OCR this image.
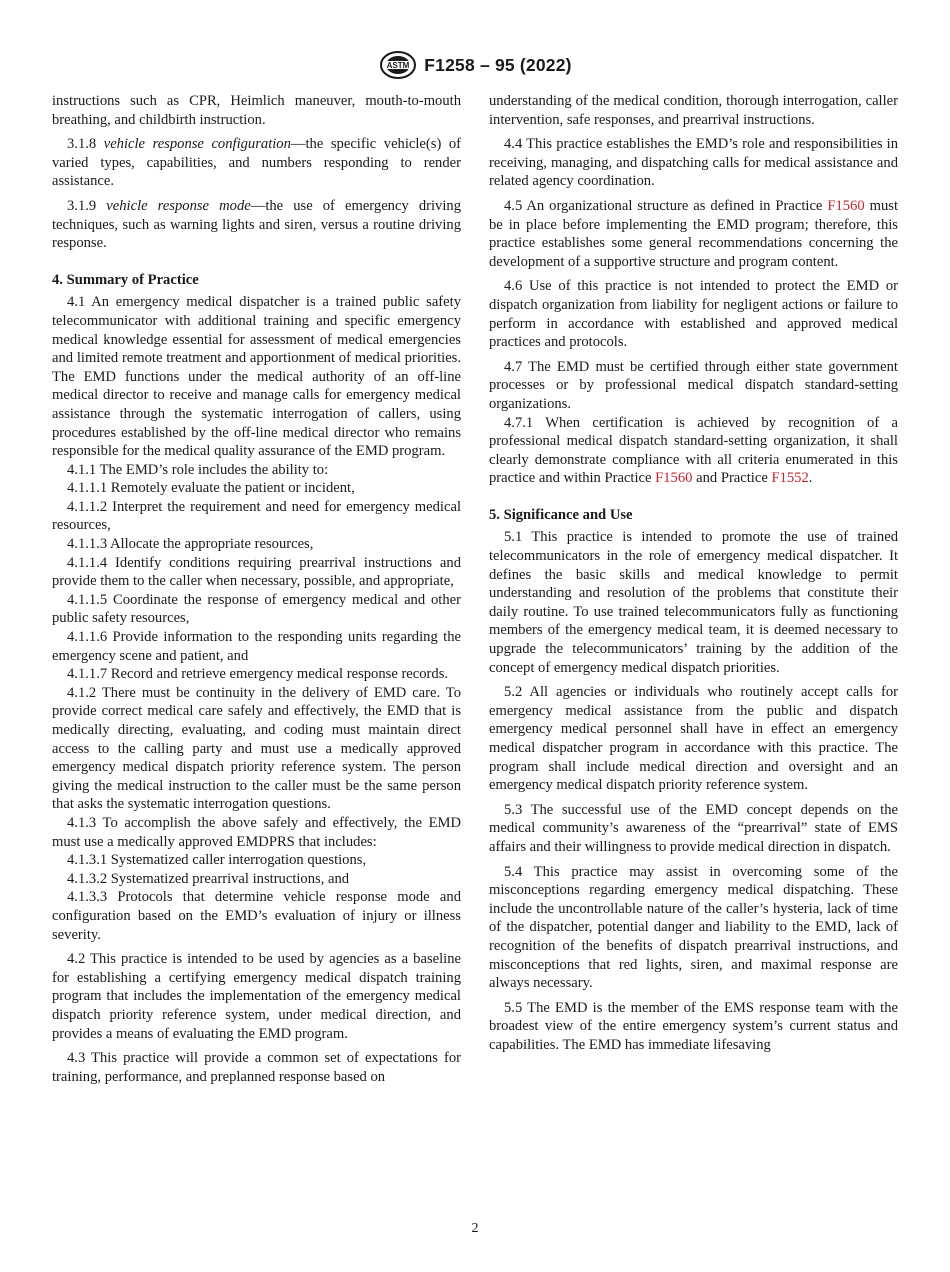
ASTM F1258 – 95 (2022)

instructions such as CPR, Heimlich maneuver, mouth-to-mouth breathing, and childbirth instruction.

3.1.8 vehicle response configuration—the specific vehicle(s) of varied types, capabilities, and numbers responding to render assistance.

3.1.9 vehicle response mode—the use of emergency driving techniques, such as warning lights and siren, versus a routine driving response.

4. Summary of Practice

4.1 An emergency medical dispatcher is a trained public safety telecommunicator with additional training and specific emergency medical knowledge essential for assessment of medical emergencies and limited remote treatment and apportionment of medical priorities. The EMD functions under the medical authority of an off-line medical director to receive and manage calls for emergency medical assistance through the systematic interrogation of callers, using procedures established by the off-line medical director who remains responsible for the medical quality assurance of the EMD program.

4.1.1 The EMD’s role includes the ability to:

4.1.1.1 Remotely evaluate the patient or incident,

4.1.1.2 Interpret the requirement and need for emergency medical resources,

4.1.1.3 Allocate the appropriate resources,

4.1.1.4 Identify conditions requiring prearrival instructions and provide them to the caller when necessary, possible, and appropriate,

4.1.1.5 Coordinate the response of emergency medical and other public safety resources,

4.1.1.6 Provide information to the responding units regarding the emergency scene and patient, and

4.1.1.7 Record and retrieve emergency medical response records.

4.1.2 There must be continuity in the delivery of EMD care. To provide correct medical care safely and effectively, the EMD that is medically directing, evaluating, and coding must maintain direct access to the calling party and must use a medically approved emergency medical dispatch priority reference system. The person giving the medical instruction to the caller must be the same person that asks the systematic interrogation questions.

4.1.3 To accomplish the above safely and effectively, the EMD must use a medically approved EMDPRS that includes:

4.1.3.1 Systematized caller interrogation questions,

4.1.3.2 Systematized prearrival instructions, and

4.1.3.3 Protocols that determine vehicle response mode and configuration based on the EMD’s evaluation of injury or illness severity.

4.2 This practice is intended to be used by agencies as a baseline for establishing a certifying emergency medical dispatch training program that includes the implementation of the emergency medical dispatch priority reference system, under medical direction, and provides a means of evaluating the EMD program.

4.3 This practice will provide a common set of expectations for training, performance, and preplanned response based on

understanding of the medical condition, thorough interrogation, caller intervention, safe responses, and prearrival instructions.

4.4 This practice establishes the EMD’s role and responsibilities in receiving, managing, and dispatching calls for medical assistance and related agency coordination.

4.5 An organizational structure as defined in Practice F1560 must be in place before implementing the EMD program; therefore, this practice establishes some general recommendations concerning the development of a supportive structure and program content.

4.6 Use of this practice is not intended to protect the EMD or dispatch organization from liability for negligent actions or failure to perform in accordance with established and approved medical practices and protocols.

4.7 The EMD must be certified through either state government processes or by professional medical dispatch standard-setting organizations.

4.7.1 When certification is achieved by recognition of a professional medical dispatch standard-setting organization, it shall clearly demonstrate compliance with all criteria enumerated in this practice and within Practice F1560 and Practice F1552.

5. Significance and Use

5.1 This practice is intended to promote the use of trained telecommunicators in the role of emergency medical dispatcher. It defines the basic skills and medical knowledge to permit understanding and resolution of the problems that constitute their daily routine. To use trained telecommunicators fully as functioning members of the emergency medical team, it is deemed necessary to upgrade the telecommunicators’ training by the addition of the concept of emergency medical dispatch priorities.

5.2 All agencies or individuals who routinely accept calls for emergency medical assistance from the public and dispatch emergency medical personnel shall have in effect an emergency medical dispatcher program in accordance with this practice. The program shall include medical direction and oversight and an emergency medical dispatch priority reference system.

5.3 The successful use of the EMD concept depends on the medical community’s awareness of the “prearrival” state of EMS affairs and their willingness to provide medical direction in dispatch.

5.4 This practice may assist in overcoming some of the misconceptions regarding emergency medical dispatching. These include the uncontrollable nature of the caller’s hysteria, lack of time of the dispatcher, potential danger and liability to the EMD, lack of recognition of the benefits of dispatch prearrival instructions, and misconceptions that red lights, siren, and maximal response are always necessary.

5.5 The EMD is the member of the EMS response team with the broadest view of the entire emergency system’s current status and capabilities. The EMD has immediate lifesaving

2
